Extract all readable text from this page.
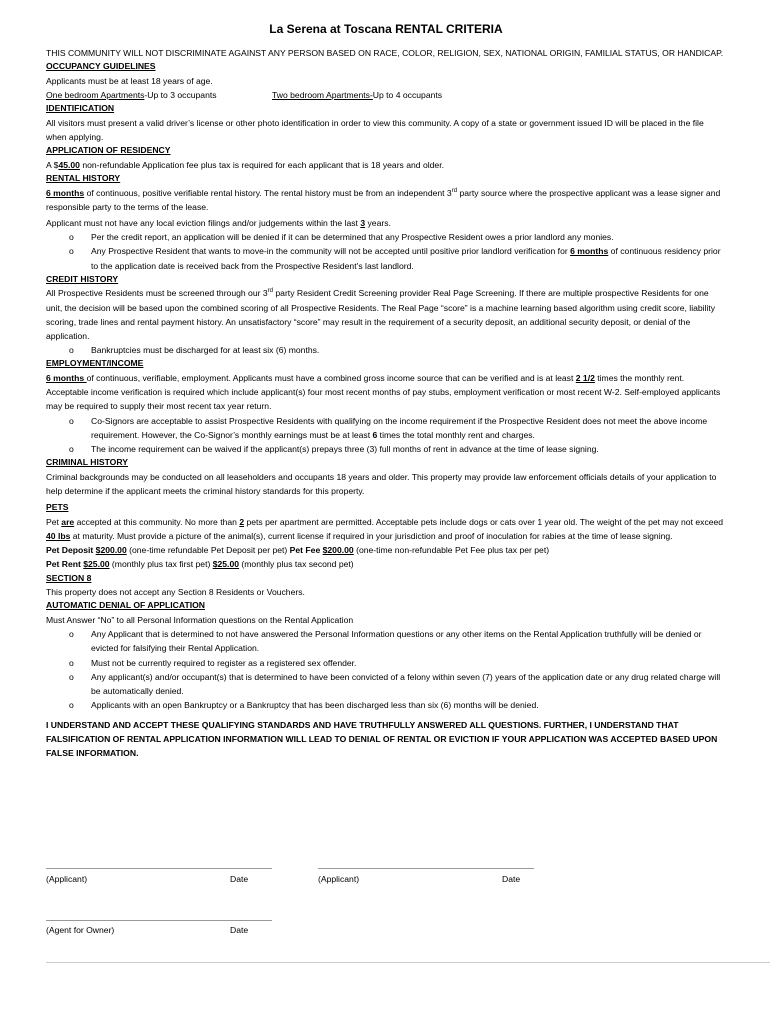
La Serena at Toscana RENTAL CRITERIA

THIS COMMUNITY WILL NOT DISCRIMINATE AGAINST ANY PERSON BASED ON RACE, COLOR, RELIGION, SEX, NATIONAL ORIGIN, FAMILIAL STATUS, OR HANDICAP.

OCCUPANCY GUIDELINES

Applicants must be at least 18 years of age.

One bedroom Apartments-Up to 3 occupants	Two bedroom Apartments-Up to 4 occupants

IDENTIFICATION

All visitors must present a valid driver’s license or other photo identification in order to view this community. A copy of a state or government issued ID will be placed in the file when applying.

APPLICATION OF RESIDENCY

A $45.00 non-refundable Application fee plus tax is required for each applicant that is 18 years and older.

RENTAL HISTORY

6 months of continuous, positive verifiable rental history. The rental history must be from an independent 3rd party source where the prospective applicant was a lease signer and responsible party to the terms of the lease.

Applicant must not have any local eviction filings and/or judgements within the last 3 years.

o Per the credit report, an application will be denied if it can be determined that any Prospective Resident owes a prior landlord any monies.
o Any Prospective Resident that wants to move-in the community will not be accepted until positive prior landlord verification for 6 months of continuous residency prior to the application date is received back from the Prospective Resident’s last landlord.
CREDIT HISTORY

All Prospective Residents must be screened through our 3rd party Resident Credit Screening provider Real Page Screening. If there are multiple prospective Residents for one unit, the decision will be based upon the combined scoring of all Prospective Residents. The Real Page “score” is a machine learning based algorithm using credit score, liability scoring, trade lines and rental payment history. An unsatisfactory “score” may result in the requirement of a security deposit, an additional security deposit, or denial of the application.

o Bankruptcies must be discharged for at least six (6) months.
EMPLOYMENT/INCOME

6 months of continuous, verifiable, employment. Applicants must have a combined gross income source that can be verified and is at least 2 1/2 times the monthly rent. Acceptable income verification is required which include applicant(s) four most recent months of pay stubs, employment verification or most recent W-2. Self-employed applicants may be required to supply their most recent tax year return.

o Co-Signors are acceptable to assist Prospective Residents with qualifying on the income requirement if the Prospective Resident does not meet the above income requirement. However, the Co-Signor’s monthly earnings must be at least 6 times the total monthly rent and charges.
o The income requirement can be waived if the applicant(s) prepays three (3) full months of rent in advance at the time of lease signing.
CRIMINAL HISTORY

Criminal backgrounds may be conducted on all leaseholders and occupants 18 years and older. This property may provide law enforcement officials details of your application to help determine if the applicant meets the criminal history standards for this property.

PETS

Pet are accepted at this community. No more than 2 pets per apartment are permitted. Acceptable pets include dogs or cats over 1 year old. The weight of the pet may not exceed 40 lbs at maturity. Must provide a picture of the animal(s), current license if required in your jurisdiction and proof of inoculation for rabies at the time of lease signing.

Pet Deposit $200.00 (one-time refundable Pet Deposit per pet) Pet Fee $200.00 (one-time non-refundable Pet Fee plus tax per pet)

Pet Rent $25.00 (monthly plus tax first pet) $25.00 (monthly plus tax second pet)

SECTION 8

This property does not accept any Section 8 Residents or Vouchers.

AUTOMATIC DENIAL OF APPLICATION

Must Answer “No” to all Personal Information questions on the Rental Application

o Any Applicant that is determined to not have answered the Personal Information questions or any other items on the Rental Application truthfully will be denied or evicted for falsifying their Rental Application.
o Must not be currently required to register as a registered sex offender.
o Any applicant(s) and/or occupant(s) that is determined to have been convicted of a felony within seven (7) years of the application date or any drug related charge will be automatically denied.
o Applicants with an open Bankruptcy or a Bankruptcy that has been discharged less than six (6) months will be denied.
I UNDERSTAND AND ACCEPT THESE QUALIFYING STANDARDS AND HAVE TRUTHFULLY ANSWERED ALL QUESTIONS. FURTHER, I UNDERSTAND THAT FALSIFICATION OF RENTAL APPLICATION INFORMATION WILL LEAD TO DENIAL OF RENTAL OR EVICTION IF YOUR APPLICATION WAS ACCEPTED BASED UPON FALSE INFORMATION.
(Applicant)	Date	(Applicant)	Date
(Agent for Owner)	Date
